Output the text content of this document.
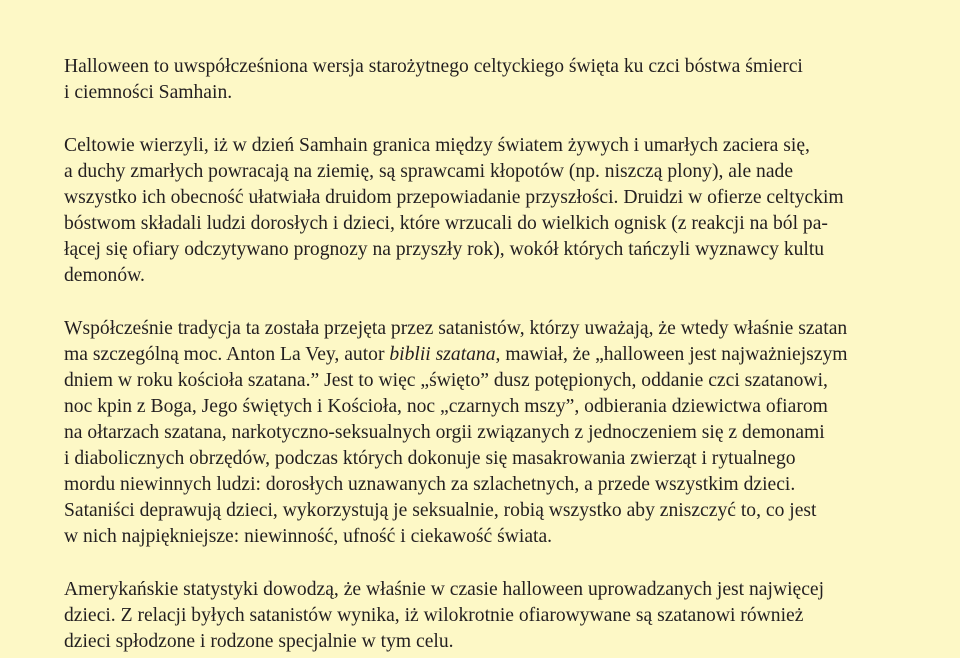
Halloween to uwspółcześniona wersja starożytnego celtyckiego święta ku czci bóstwa śmierci
i ciemności Samhain.

Celtowie wierzyli, iż w dzień Samhain granica między światem żywych i umarłych zaciera się,
a duchy zmarłych powracają na ziemię, są sprawcami kłopotów (np. niszczą plony), ale nade
wszystko ich obecność ułatwiała druidom przepowiadanie przyszłości. Druidzi w ofierze celtyckim
bóstwom składali ludzi dorosłych i dzieci, które wrzucali do wielkich ognisk (z reakcji na ból pa-
łącej się ofiary odczytywano prognozy na przyszły rok), wokół których tańczyli wyznawcy kultu
demonów.

Współcześnie tradycja ta została przejęta przez satanistów, którzy uważają, że wtedy właśnie szatan
ma szczególną moc. Anton La Vey, autor biblii szatana, mawiał, że „halloween jest najważniejszym
dniem w roku kościoła szatana.” Jest to więc „święto” dusz potępionych, oddanie czci szatanowi,
noc kpin z Boga, Jego świętych i Kościoła, noc „czarnych mszy”, odbierania dziewictwa ofiarom
na ołtarzach szatana, narkotyczno-seksualnych orgii związanych z jednoczeniem się z demonami
i diabolicznych obrzędów, podczas których dokonuje się masakrowania zwierząt i rytualnego
mordu niewinnych ludzi: dorosłych uznawanych za szlachetnych, a przede wszystkim dzieci.
Sataniści deprawują dzieci, wykorzystują je seksualnie, robią wszystko aby zniszczyć to, co jest
w nich najpiękniejsze: niewinność, ufność i ciekawość świata.

Amerykańskie statystyki dowodzą, że właśnie w czasie halloween uprowadzanych jest najwięcej
dzieci. Z relacji byłych satanistów wynika, iż wilokrotnie ofiarowywane są szatanowi również
dzieci spłodzone i rodzone specjalnie w tym celu.
